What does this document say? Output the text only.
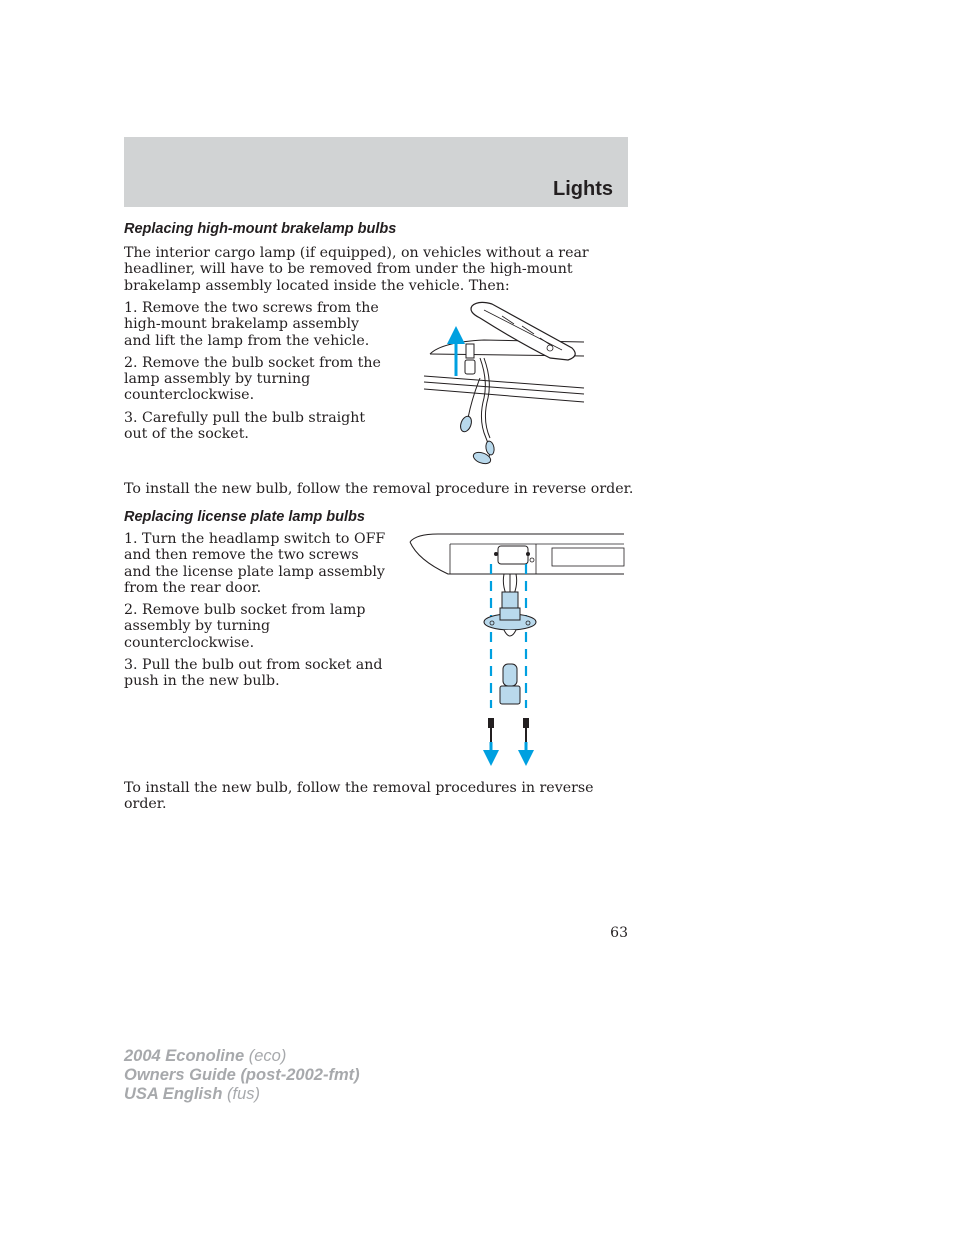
Lights
Replacing high-mount brakelamp bulbs

The interior cargo lamp (if equipped), on vehicles without a rear headliner, will have to be removed from under the high-mount brakelamp assembly located inside the vehicle. Then:

1. Remove the two screws from the high-mount brakelamp assembly and lift the lamp from the vehicle.

2. Remove the bulb socket from the lamp assembly by turning counterclockwise.

3. Carefully pull the bulb straight out of the socket.

To install the new bulb, follow the removal procedure in reverse order.

Replacing license plate lamp bulbs

1. Turn the headlamp switch to OFF and then remove the two screws and the license plate lamp assembly from the rear door.

2. Remove bulb socket from lamp assembly by turning counterclockwise.

3. Pull the bulb out from socket and push in the new bulb.

To install the new bulb, follow the removal procedures in reverse order.

63
2004 Econoline (eco)
Owners Guide (post-2002-fmt)
USA English (fus)
